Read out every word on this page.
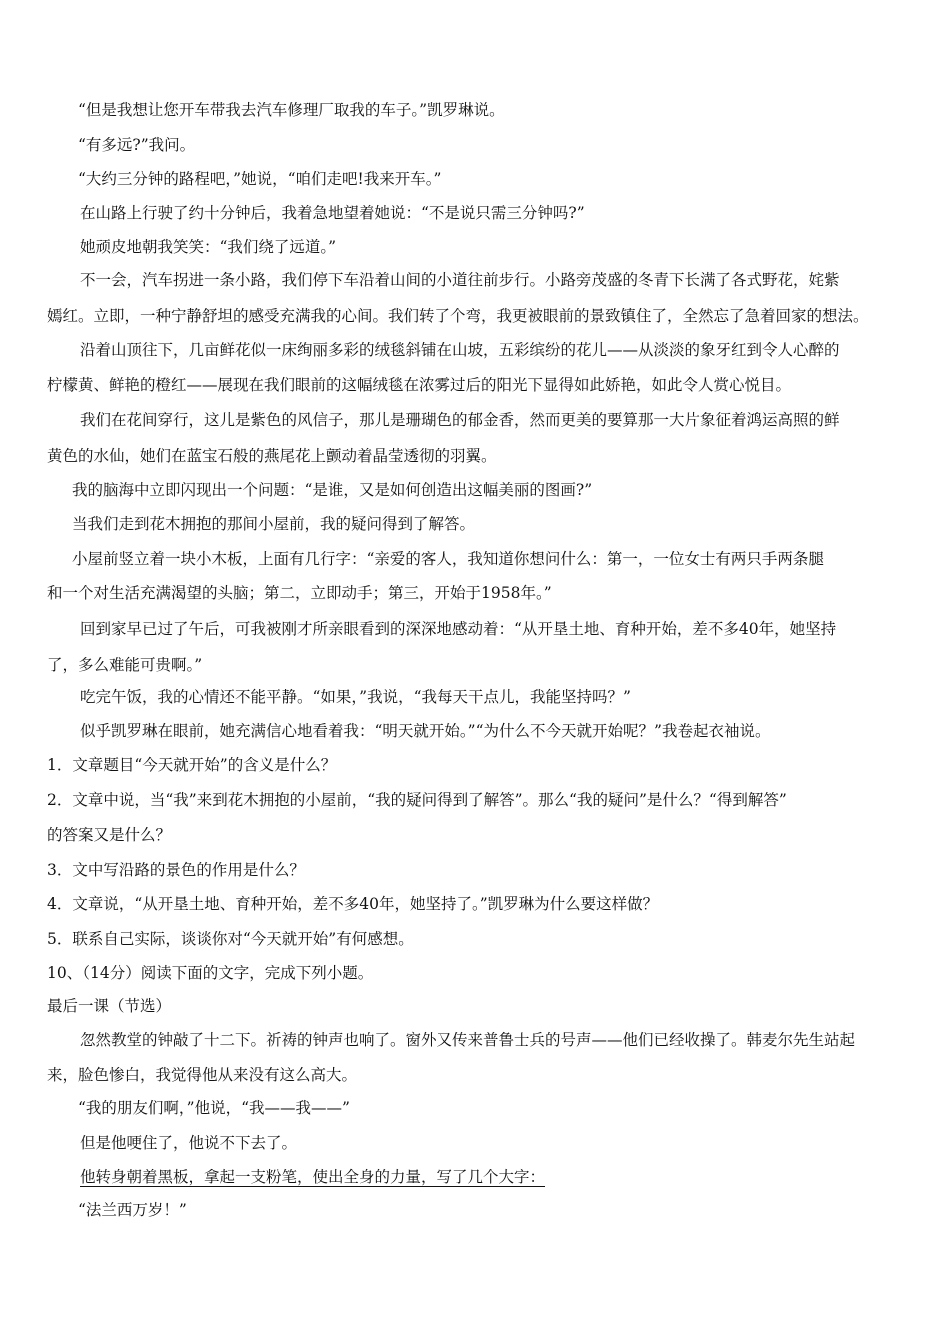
“但是我想让您开车带我去汽车修理厂取我的车子。”凯罗琳说。
“有多远?”我问。
“大约三分钟的路程吧，”她说，“咱们走吧!我来开车。”
在山路上行驶了约十分钟后，我着急地望着她说：“不是说只需三分钟吗?”
她顽皮地朝我笑笑：“我们绕了远道。”
不一会，汽车拐进一条小路，我们停下车沿着山间的小道往前步行。小路旁茂盛的冬青下长满了各式野花，姹紫
嫣红。立即，一种宁静舒坦的感受充满我的心间。我们转了个弯，我更被眼前的景致镇住了，全然忘了急着回家的想法。
沿着山顶往下，几亩鲜花似一床绚丽多彩的绒毯斜铺在山坡，五彩缤纷的花儿——从淡淡的象牙红到令人心醉的
柠檬黄、鲜艳的橙红——展现在我们眼前的这幅绒毯在浓雾过后的阳光下显得如此娇艳，如此令人赏心悦目。
我们在花间穿行，这儿是紫色的风信子，那儿是珊瑚色的郁金香，然而更美的要算那一大片象征着鸿运高照的鲜
黄色的水仙，她们在蓝宝石般的燕尾花上颤动着晶莹透彻的羽翼。
我的脑海中立即闪现出一个问题：“是谁，又是如何创造出这幅美丽的图画?”
当我们走到花木拥抱的那间小屋前，我的疑问得到了解答。
小屋前竖立着一块小木板，上面有几行字：“亲爱的客人，我知道你想问什么：第一，一位女士有两只手两条腿
和一个对生活充满渴望的头脑；第二，立即动手；第三，开始于1958年。”
回到家早已过了午后，可我被刚才所亲眼看到的深深地感动着：“从开垦土地、育种开始，差不多40年，她坚持
了，多么难能可贵啊。”
吃完午饭，我的心情还不能平静。“如果，”我说，“我每天干点儿，我能坚持吗？”
似乎凯罗琳在眼前，她充满信心地看着我：“明天就开始。”“为什么不今天就开始呢？”我卷起衣袖说。
1．文章题目“今天就开始”的含义是什么？
2．文章中说，当“我”来到花木拥抱的小屋前，“我的疑问得到了解答”。那么“我的疑问”是什么？“得到解答”
的答案又是什么？
3．文中写沿路的景色的作用是什么？
4．文章说，“从开垦土地、育种开始，差不多40年，她坚持了。”凯罗琳为什么要这样做？
5．联系自己实际，谈谈你对“今天就开始”有何感想。
10、（14分）阅读下面的文字，完成下列小题。
最后一课（节选）
忽然教堂的钟敲了十二下。祈祷的钟声也响了。窗外又传来普鲁士兵的号声——他们已经收操了。韩麦尔先生站起
来，脸色惨白，我觉得他从来没有这么高大。
“我的朋友们啊，”他说，“我——我——”
但是他哽住了，他说不下去了。
他转身朝着黑板，拿起一支粉笔，使出全身的力量，写了几个大字：
“法兰西万岁！”
